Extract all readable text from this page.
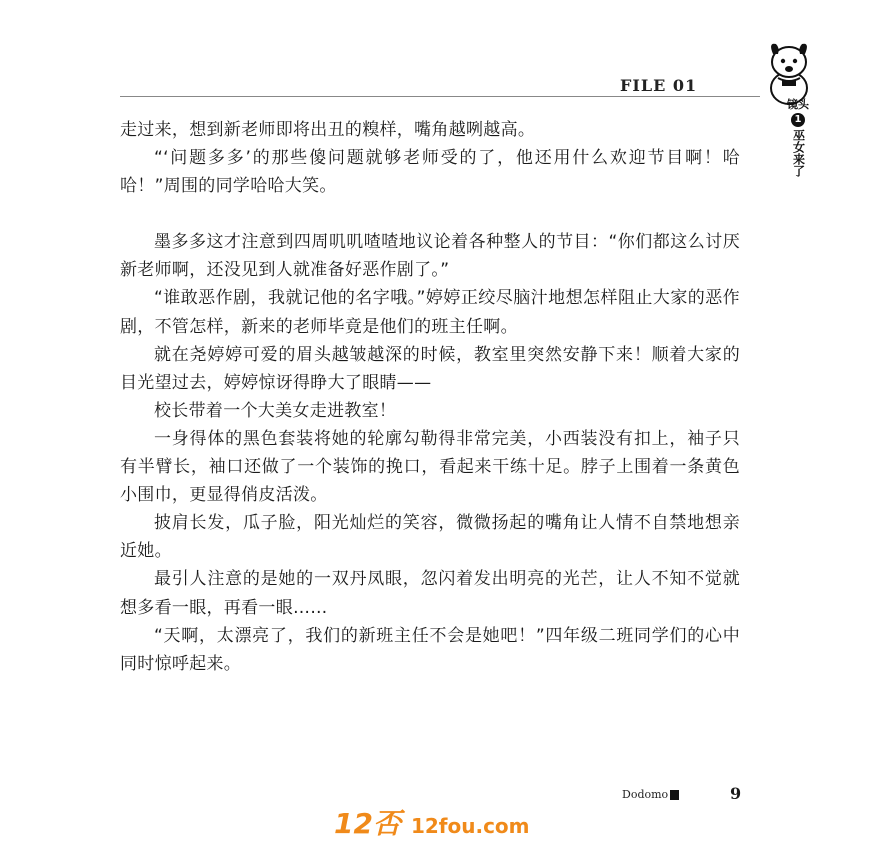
FILE 01
镜头
1
巫女来了

走过来，想到新老师即将出丑的糗样，嘴角越咧越高。

“‘问题多多’的那些傻问题就够老师受的了，他还用什么欢迎节目啊！哈哈！”周围的同学哈哈大笑。

墨多多这才注意到四周叽叽喳喳地议论着各种整人的节目：“你们都这么讨厌新老师啊，还没见到人就准备好恶作剧了。”

“谁敢恶作剧，我就记他的名字哦。”婷婷正绞尽脑汁地想怎样阻止大家的恶作剧，不管怎样，新来的老师毕竟是他们的班主任啊。

就在尧婷婷可爱的眉头越皱越深的时候，教室里突然安静下来！顺着大家的目光望过去，婷婷惊讶得睁大了眼睛——

校长带着一个大美女走进教室！

一身得体的黑色套装将她的轮廓勾勒得非常完美，小西装没有扣上，袖子只有半臂长，袖口还做了一个装饰的挽口，看起来干练十足。脖子上围着一条黄色小围巾，更显得俏皮活泼。

披肩长发，瓜子脸，阳光灿烂的笑容，微微扬起的嘴角让人情不自禁地想亲近她。

最引人注意的是她的一双丹凤眼，忽闪着发出明亮的光芒，让人不知不觉就想多看一眼，再看一眼……

“天啊，太漂亮了，我们的新班主任不会是她吧！”四年级二班同学们的心中同时惊呼起来。

Dodomo	9
12否 12fou.com
